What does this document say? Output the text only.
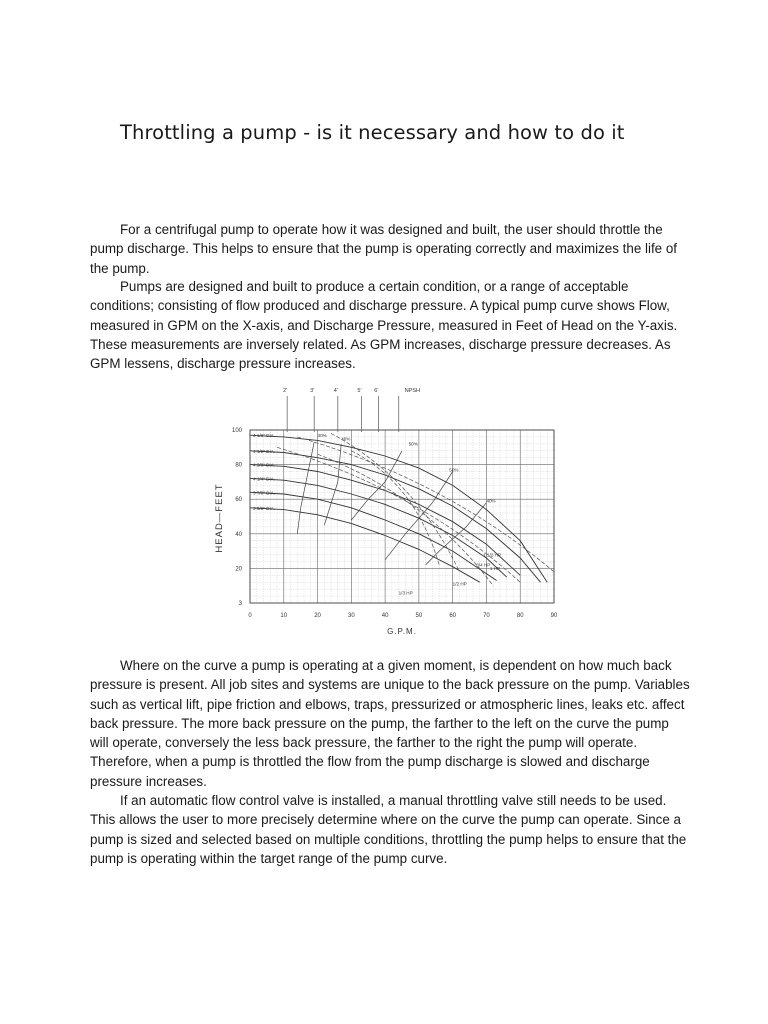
Throttling a pump - is it necessary and how to do it

For a centrifugal pump to operate how it was designed and built, the user should throttle the pump discharge. This helps to ensure that the pump is operating correctly and maximizes the life of the pump.

Pumps are designed and built to produce a certain condition, or a range of acceptable conditions; consisting of flow produced and discharge pressure. A typical pump curve shows Flow, measured in GPM on the X-axis, and Discharge Pressure, measured in Feet of Head on the Y-axis. These measurements are inversely related. As GPM increases, discharge pressure decreases. As GPM lessens, discharge pressure increases.

2'	3'	4'	5' 6'	NPSH
4 1/8" DIA.
4 1/2" DIA.
4 3/8" DIA.
4 1/4" DIA.
3 7/8" DIA.
3 5/8" DIA.
30%
40%
50%
50%
40%
1 1/2 HP
3/4 HP
1 HP
1/2 HP
1/3 HP
0	10	20	30	40	50	60	70	80	90
100
80
60
40
20
3
G.P.M.
HEAD—FEET

Where on the curve a pump is operating at a given moment, is dependent on how much back pressure is present. All job sites and systems are unique to the back pressure on the pump. Variables such as vertical lift, pipe friction and elbows, traps, pressurized or atmospheric lines, leaks etc. affect back pressure. The more back pressure on the pump, the farther to the left on the curve the pump will operate, conversely the less back pressure, the farther to the right the pump will operate. Therefore, when a pump is throttled the flow from the pump discharge is slowed and discharge pressure increases.

If an automatic flow control valve is installed, a manual throttling valve still needs to be used. This allows the user to more precisely determine where on the curve the pump can operate. Since a pump is sized and selected based on multiple conditions, throttling the pump helps to ensure that the pump is operating within the target range of the pump curve.
